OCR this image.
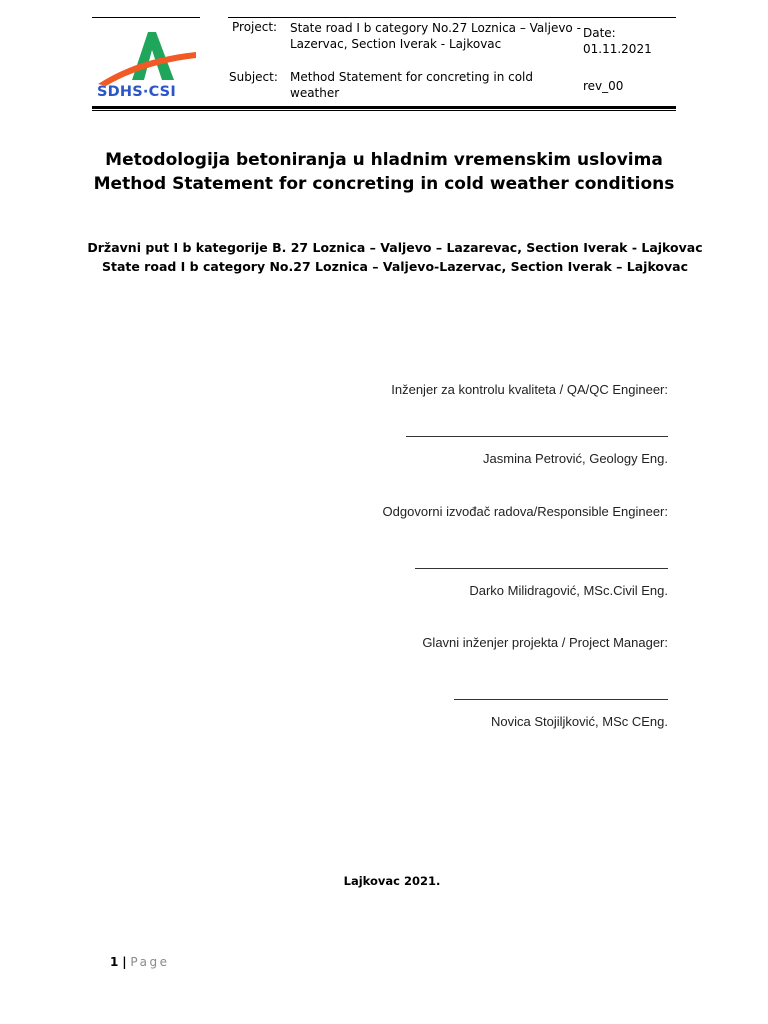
SDHS·CSI
Project: State road I b category No.27 Loznica – Valjevo -
Lazervac, Section Iverak - Lajkovac
Subject: Method Statement for concreting in cold
weather
Date:
01.11.2021
rev_00
Metodologija betoniranja u hladnim vremenskim uslovima
Method Statement for concreting in cold weather conditions
Državni put I b kategorije B. 27 Loznica – Valjevo – Lazarevac, Section Iverak - Lajkovac
State road I b category No.27 Loznica – Valjevo-Lazervac, Section Iverak – Lajkovac
Inženjer za kontrolu kvaliteta / QA/QC Engineer:
Jasmina Petrović, Geology Eng.
Odgovorni izvođač radova/Responsible Engineer:
Darko Milidragović, MSc.Civil Eng.
Glavni inženjer projekta / Project Manager:
Novica Stojiljković, MSc CEng.
Lajkovac 2021.
1 | Page
